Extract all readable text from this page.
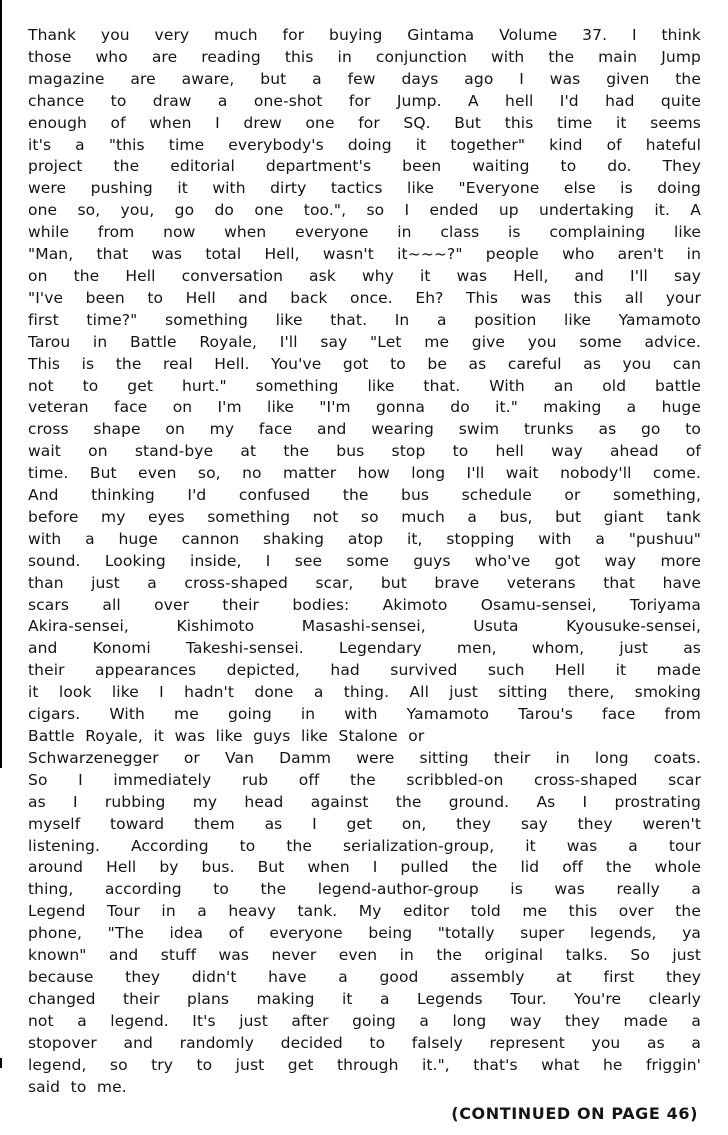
Thank you very much for buying Gintama Volume 37. I think
those who are reading this in conjunction with the main Jump
magazine are aware, but a few days ago I was given the
chance to draw a one-shot for Jump. A hell I'd had quite
enough of when I drew one for SQ. But this time it seems
it's a "this time everybody's doing it together" kind of hateful
project the editorial department's been waiting to do. They
were pushing it with dirty tactics like "Everyone else is doing
one so, you, go do one too.", so I ended up undertaking it. A
while from now when everyone in class is complaining like
"Man, that was total Hell, wasn't it~~~?" people who aren't in
on the Hell conversation ask why it was Hell, and I'll say
"I've been to Hell and back once. Eh? This was this all your
first time?" something like that. In a position like Yamamoto
Tarou in Battle Royale, I'll say "Let me give you some advice.
This is the real Hell. You've got to be as careful as you can
not to get hurt." something like that. With an old battle
veteran face on I'm like "I'm gonna do it." making a huge
cross shape on my face and wearing swim trunks as go to
wait on stand-bye at the bus stop to hell way ahead of
time. But even so, no matter how long I'll wait nobody'll come.
And thinking I'd confused the bus schedule or something,
before my eyes something not so much a bus, but giant tank
with a huge cannon shaking atop it, stopping with a "pushuu"
sound. Looking inside, I see some guys who've got way more
than just a cross-shaped scar, but brave veterans that have
scars all over their bodies: Akimoto Osamu-sensei, Toriyama
Akira-sensei, Kishimoto Masashi-sensei, Usuta Kyousuke-sensei,
and Konomi Takeshi-sensei. Legendary men, whom, just as
their appearances depicted, had survived such Hell it made
it look like I hadn't done a thing. All just sitting there, smoking
cigars. With me going in with Yamamoto Tarou's face from
Battle Royale, it was like guys like Stalone or
Schwarzenegger or Van Damm were sitting their in long coats.
So I immediately rub off the scribbled-on cross-shaped scar
as I rubbing my head against the ground. As I prostrating
myself toward them as I get on, they say they weren't
listening. According to the serialization-group, it was a tour
around Hell by bus. But when I pulled the lid off the whole
thing, according to the legend-author-group is was really a
Legend Tour in a heavy tank. My editor told me this over the
phone, "The idea of everyone being "totally super legends, ya
known" and stuff was never even in the original talks. So just
because they didn't have a good assembly at first they
changed their plans making it a Legends Tour. You're clearly
not a legend. It's just after going a long way they made a
stopover and randomly decided to falsely represent you as a
legend, so try to just get through it.", that's what he friggin'
said to me.
(CONTINUED ON PAGE 46)
